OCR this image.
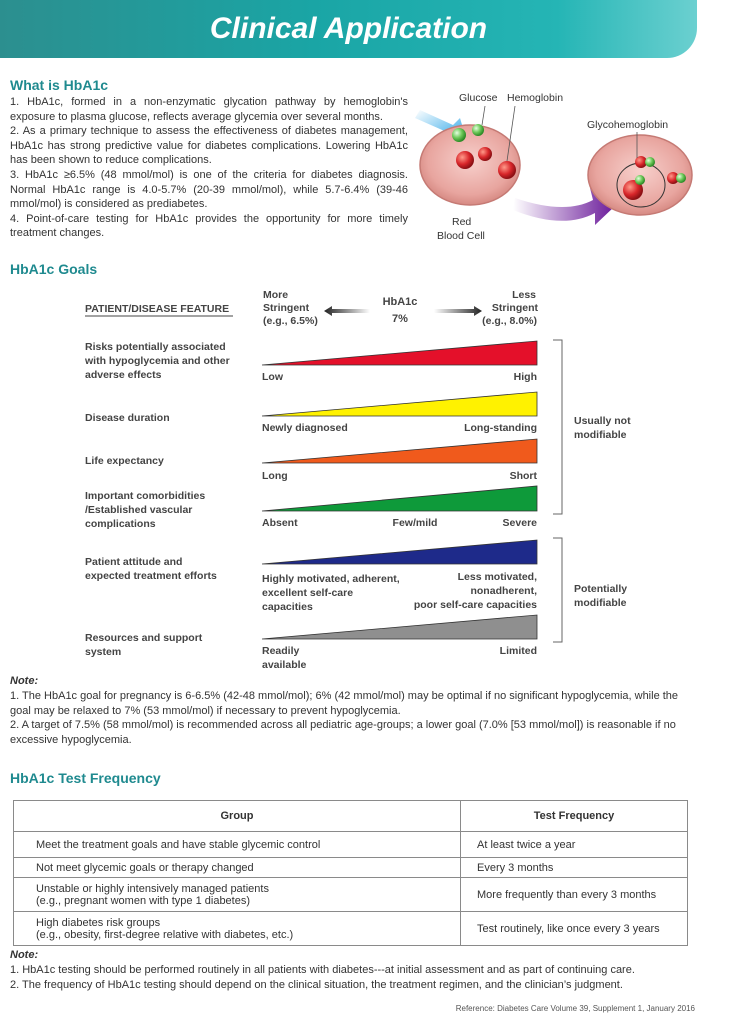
Clinical Application
What is HbA1c

1. HbA1c, formed in a non-enzymatic glycation pathway by hemoglobin's exposure to plasma glucose, reflects average glycemia over several months.

2. As a primary technique to assess the effectiveness of diabetes management, HbA1c has strong predictive value for diabetes complications. Lowering HbA1c has been shown to reduce complications.

3. HbA1c ≥6.5% (48 mmol/mol) is one of the criteria for diabetes diagnosis. Normal HbA1c range is 4.0-5.7% (20-39 mmol/mol), while 5.7-6.4% (39-46 mmol/mol) is considered as prediabetes.

4. Point-of-care testing for HbA1c provides the opportunity for more timely treatment changes.

Glucose Hemoglobin
Red
Blood Cell
Glycohemoglobin
HbA1c Goals
PATIENT/DISEASE FEATURE
More
Stringent
(e.g., 6.5%)
HbA1c
7%
Less
Stringent
(e.g., 8.0%)
Risks potentially associated
with hypoglycemia and other
adverse effects	Low	High
Disease duration
Newly diagnosed	Long-standing
Life expectancy
Long	Short
Important comorbidities
/Established vascular
complications	Absent	Few/mild	Severe
Patient attitude and
expected treatment efforts	Highly motivated, adherent,
excellent self-care
capacities
Less motivated,
nonadherent,
poor self-care capacities
Resources and support
system	Readily
available
Limited
Usually not
modifiable
Potentially
modifiable
Note:

1. The HbA1c goal for pregnancy is 6-6.5% (42-48 mmol/mol); 6% (42 mmol/mol) may be optimal if no significant hypoglycemia, while the goal may be relaxed to 7% (53 mmol/mol) if necessary to prevent hypoglycemia.

2. A target of 7.5% (58 mmol/mol) is recommended across all pediatric age-groups; a lower goal (7.0% [53 mmol/mol]) is reasonable if no excessive hypoglycemia.

HbA1c Test Frequency
Group	Test Frequency
Meet the treatment goals and have stable glycemic control	At least twice a year
Not meet glycemic goals or therapy changed	Every 3 months
Unstable or highly intensively managed patients
(e.g., pregnant women with type 1 diabetes)	More frequently than every 3 months
High diabetes risk groups
(e.g., obesity, first-degree relative with diabetes, etc.)	Test routinely, like once every 3 years
Note:

1. HbA1c testing should be performed routinely in all patients with diabetes---at initial assessment and as part of continuing care.

2. The frequency of HbA1c testing should depend on the clinical situation, the treatment regimen, and the clinician’s judgment.

Reference: Diabetes Care Volume 39, Supplement 1, January 2016
